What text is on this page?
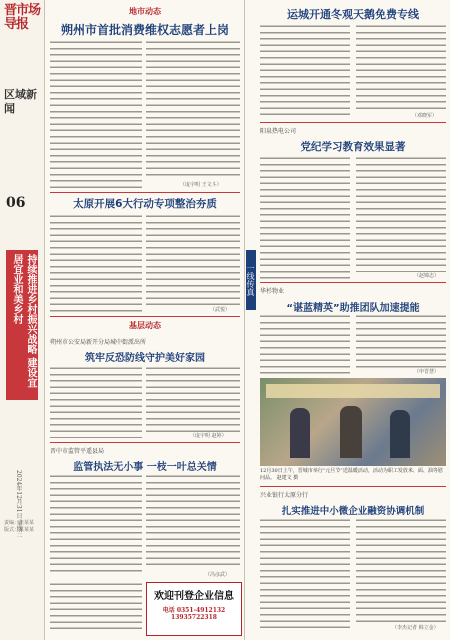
晋市场导报
区域新闻
06
持续推进乡村振兴战略 建设宜居宜业和美乡村
2024年12月31日 星期二
责编：张某某 版式：某某某
地市动态
朔州市首批消费维权志愿者上岗
（庞宇明 王文斗）
太原开展6大行动专项整治夯质
（武悦）
基层动态
朔州市公安局新开分局城中街派出所
筑牢反恐防线守护美好家园
（庞宇明 赵婷）
晋中市监管平遥县局
监管执法无小事 一枝一叶总关情
（冯彦武）
欢迎刊登企业信息
电话 0351-4912132
13935722318
一线传真
运城开通冬观天鹅免费专线
（邓晓军）
阳泉热电公司
党纪学习教育效果显著
（赵锦志）
华杉物业
“谌蓝精英”助推团队加速提能
（申晋慧）
12月30日上午，晋城市举行“元旦节”送温暖活动，活动为职工发放米、面、油等慰问品。 赵建文 摄
兴业银行太原分行
扎实推进中小微企业融资协调机制
（李杰记者 韩立金）
